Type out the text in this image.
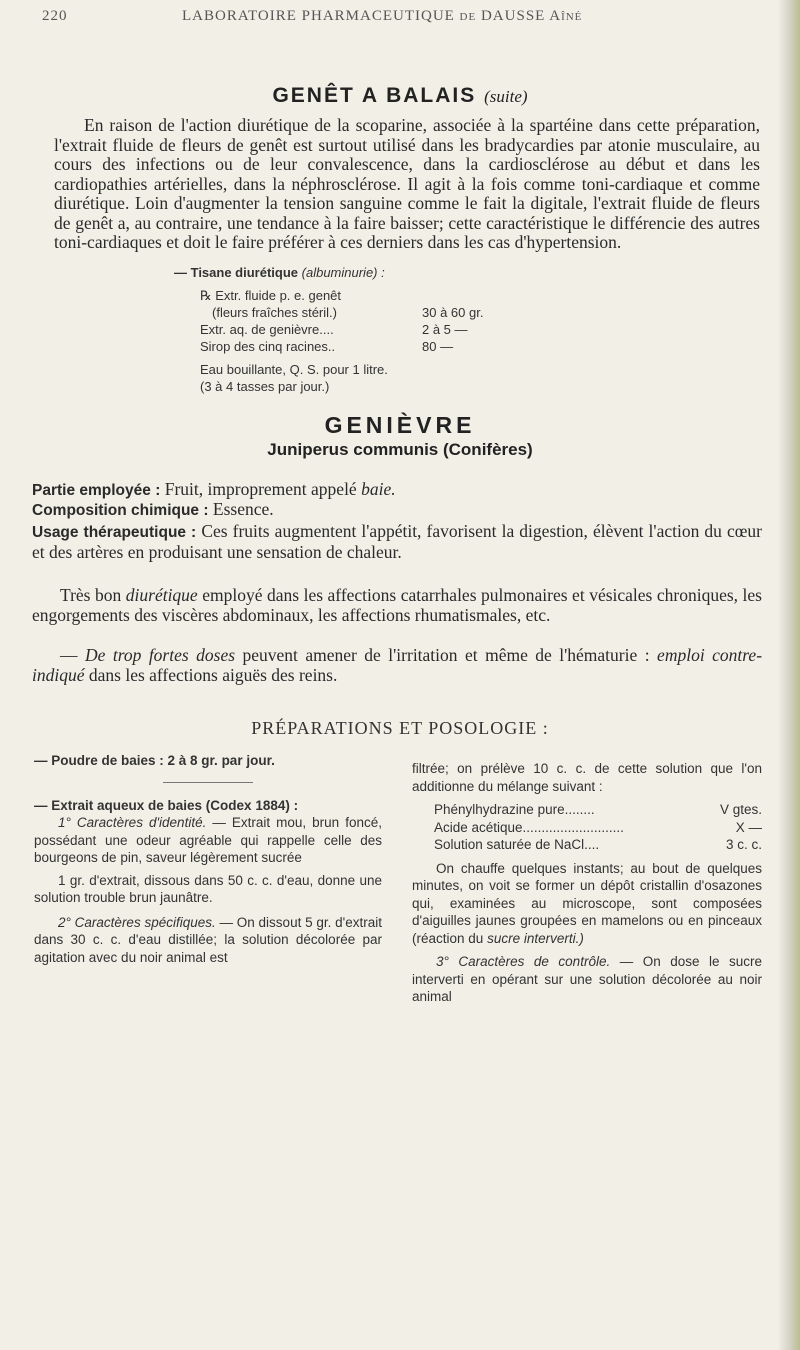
220	LABORATOIRE PHARMACEUTIQUE de DAUSSE Aîné
GENÊT A BALAIS (suite)
En raison de l'action diurétique de la scoparine, associée à la spartéine dans cette préparation, l'extrait fluide de fleurs de genêt est surtout utilisé dans les bradycardies par atonie musculaire, au cours des infections ou de leur convalescence, dans la cardiosclérose au début et dans les cardiopathies artérielles, dans la néphrosclérose. Il agit à la fois comme toni-cardiaque et comme diurétique. Loin d'augmenter la tension sanguine comme le fait la digitale, l'extrait fluide de fleurs de genêt a, au contraire, une tendance à la faire baisser; cette caractéristique le différencie des autres toni-cardiaques et doit le faire préférer à ces derniers dans les cas d'hypertension.
— Tisane diurétique (albuminurie) :
℞ Extr. fluide p. e. genêt
(fleurs fraîches stéril.)	30 à 60 gr.
Extr. aq. de genièvre....	2 à 5 —
Sirop des cinq racines..	80 —
Eau bouillante, Q. S. pour 1 litre.
(3 à 4 tasses par jour.)
GENIÈVRE
Juniperus communis (Conifères)
Partie employée : Fruit, improprement appelé baie.
Composition chimique : Essence.
Usage thérapeutique : Ces fruits augmentent l'appétit, favorisent la digestion, élèvent l'action du cœur et des artères en produisant une sensation de chaleur.
Très bon diurétique employé dans les affections catarrhales pulmonaires et vésicales chroniques, les engorgements des viscères abdominaux, les affections rhumatismales, etc.
— De trop fortes doses peuvent amener de l'irritation et même de l'hématurie : emploi contre-indiqué dans les affections aiguës des reins.
PRÉPARATIONS ET POSOLOGIE :

— Poudre de baies : 2 à 8 gr. par jour.

— Extrait aqueux de baies (Codex 1884) :

1° Caractères d'identité. — Extrait mou, brun foncé, possédant une odeur agréable qui rappelle celle des bourgeons de pin, saveur légèrement sucrée

1 gr. d'extrait, dissous dans 50 c. c. d'eau, donne une solution trouble brun jaunâtre.

2° Caractères spécifiques. — On dissout 5 gr. d'extrait dans 30 c. c. d'eau distillée; la solution décolorée par agitation avec du noir animal est

filtrée; on prélève 10 c. c. de cette solution que l'on additionne du mélange suivant :

Phénylhydrazine pure........	V gtes.
Acide acétique...........................	X —
Solution saturée de NaCl....	3 c. c.

On chauffe quelques instants; au bout de quelques minutes, on voit se former un dépôt cristallin d'osazones qui, examinées au microscope, sont composées d'aiguilles jaunes groupées en mamelons ou en pinceaux (réaction du sucre interverti.)

3° Caractères de contrôle. — On dose le sucre interverti en opérant sur une solution décolorée au noir animal
